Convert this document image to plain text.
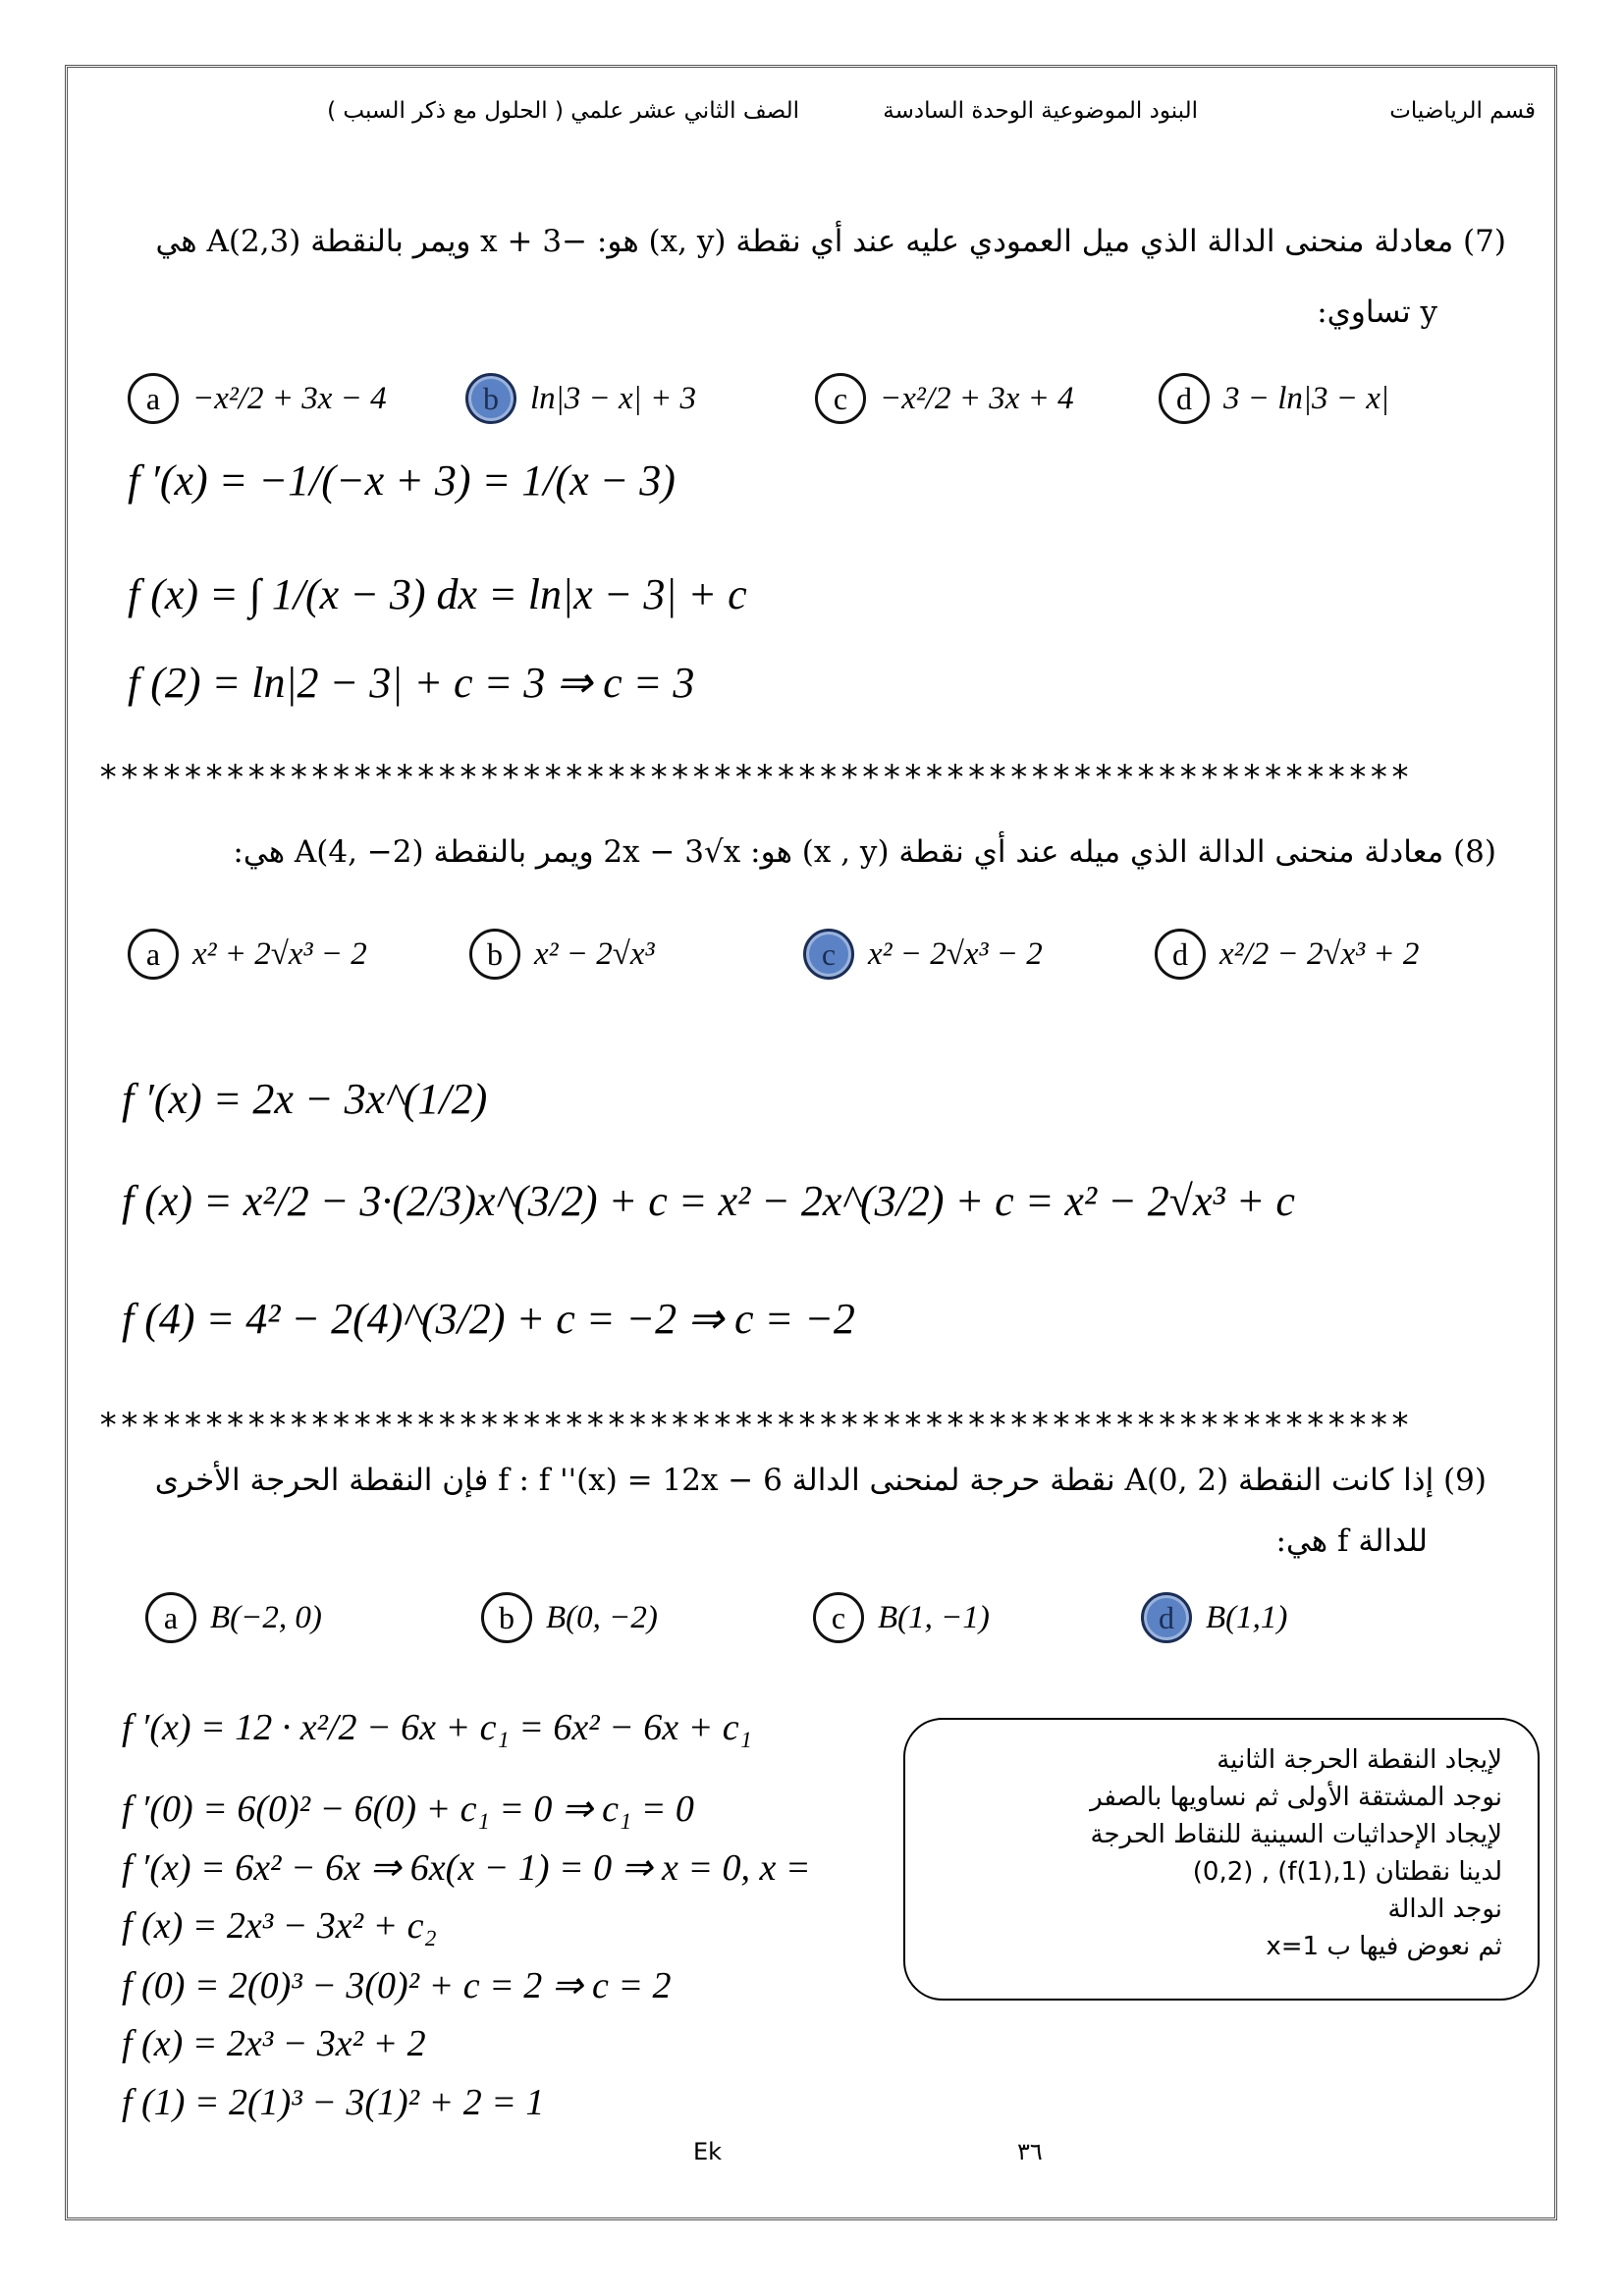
قسم الرياضيات
البنود الموضوعية الوحدة السادسة
الصف الثاني عشر علمي ( الحلول مع ذكر السبب )
(7) معادلة منحنى الدالة الذي ميل العمودي عليه عند أي نقطة (x, y) هو: −x + 3 ويمر بالنقطة A(2,3) هي
y تساوي:
a −x²/2 + 3x − 4	b ln|3 − x| + 3	c −x²/2 + 3x + 4	d 3 − ln|3 − x|
f ′(x) = −1/(−x + 3) = 1/(x − 3)
f (x) = ∫ 1/(x − 3) dx = ln|x − 3| + c
f (2) = ln|2 − 3| + c = 3 ⇒ c = 3
**************************************************************
(8) معادلة منحنى الدالة الذي ميله عند أي نقطة (x , y) هو: 2x − 3√x ويمر بالنقطة A(4, −2) هي:
a x² + 2√x³ − 2	b x² − 2√x³	c x² − 2√x³ − 2	d x²/2 − 2√x³ + 2
f ′(x) = 2x − 3x^(1/2)
f (x) = x²/2 − 3·(2/3)x^(3/2) + c = x² − 2x^(3/2) + c = x² − 2√x³ + c
f (4) = 4² − 2(4)^(3/2) + c = −2 ⇒ c = −2
**************************************************************
(9) إذا كانت النقطة A(0, 2) نقطة حرجة لمنحنى الدالة f : f ''(x) = 12x − 6 فإن النقطة الحرجة الأخرى
للدالة f هي:
a B(−2, 0)	b B(0, −2)	c B(1, −1)	d B(1,1)
f ′(x) = 12 · x²/2 − 6x + c₁ = 6x² − 6x + c₁
f ′(0) = 6(0)² − 6(0) + c₁ = 0 ⇒ c₁ = 0
f ′(x) = 6x² − 6x ⇒ 6x(x − 1) = 0 ⇒ x = 0, x =
f (x) = 2x³ − 3x² + c₂
f (0) = 2(0)³ − 3(0)² + c = 2 ⇒ c = 2
f (x) = 2x³ − 3x² + 2
f (1) = 2(1)³ − 3(1)² + 2 = 1
لإيجاد النقطة الحرجة الثانية
نوجد المشتقة الأولى ثم نساويها بالصفر
لإيجاد الإحداثيات السينية للنقاط الحرجة
لدينا نقطتان (1,f(1)) , (0,2)
نوجد الدالة
ثم نعوض فيها ب x=1
Ek	٣٦
